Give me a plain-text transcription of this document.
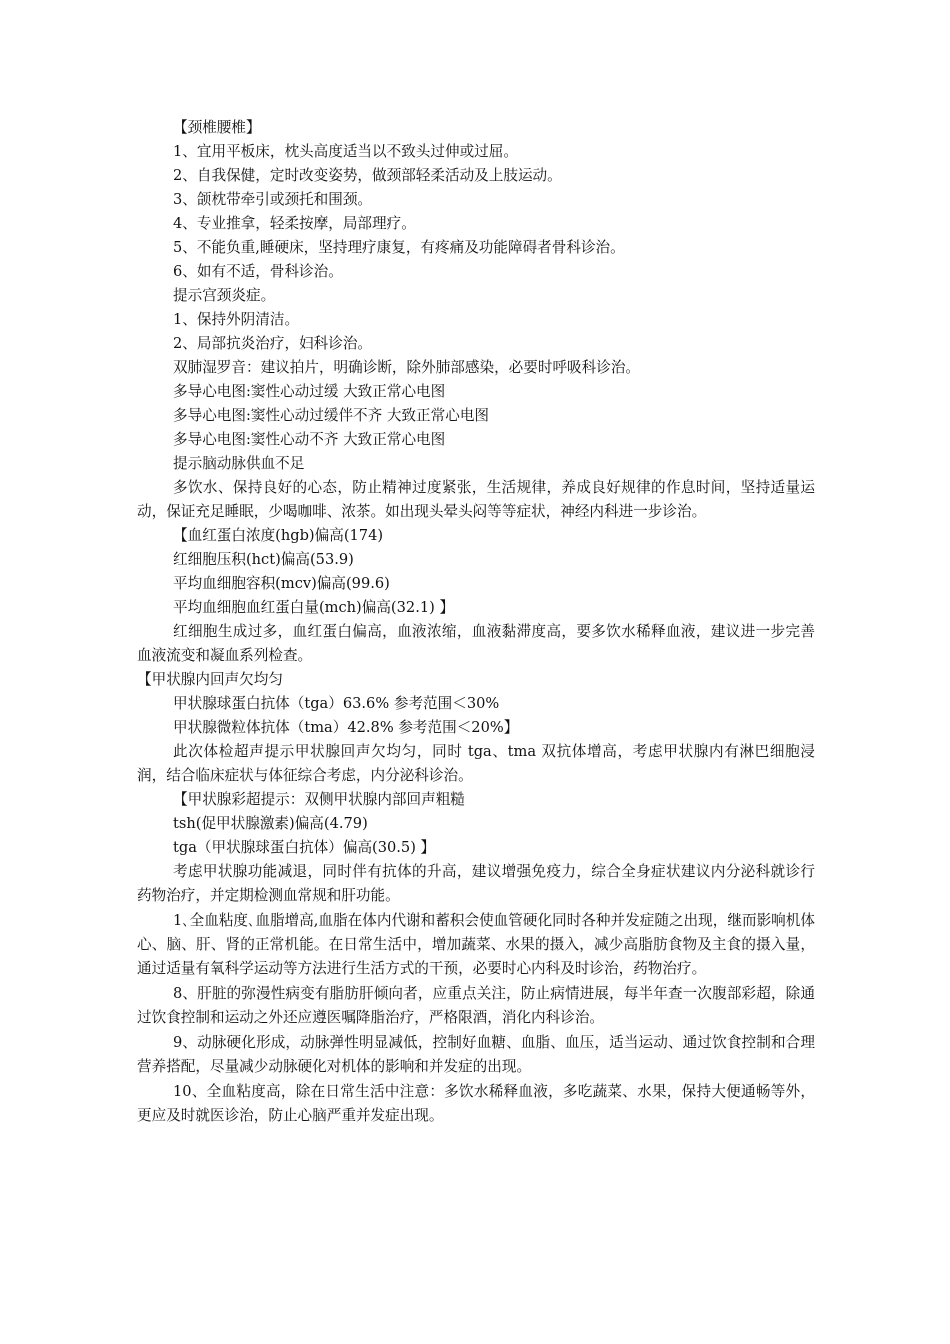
【颈椎腰椎】

1、宜用平板床，枕头高度适当以不致头过伸或过屈。

2、自我保健，定时改变姿势，做颈部轻柔活动及上肢运动。

3、颌枕带牵引或颈托和围颈。

4、专业推拿，轻柔按摩，局部理疗。

5、不能负重,睡硬床，坚持理疗康复，有疼痛及功能障碍者骨科诊治。

6、如有不适，骨科诊治。

提示宫颈炎症。

1、保持外阴清洁。

2、局部抗炎治疗，妇科诊治。

双肺湿罗音：建议拍片，明确诊断，除外肺部感染，必要时呼吸科诊治。

多导心电图:窦性心动过缓 大致正常心电图

多导心电图:窦性心动过缓伴不齐 大致正常心电图

多导心电图:窦性心动不齐 大致正常心电图

提示脑动脉供血不足

多饮水、保持良好的心态，防止精神过度紧张，生活规律，养成良好规律的作息时间，坚持适量运动，保证充足睡眠，少喝咖啡、浓茶。如出现头晕头闷等等症状，神经内科进一步诊治。

【血红蛋白浓度(hgb)偏高(174)

红细胞压积(hct)偏高(53.9)

平均血细胞容积(mcv)偏高(99.6)

平均血细胞血红蛋白量(mch)偏高(32.1) 】

红细胞生成过多，血红蛋白偏高，血液浓缩，血液黏滞度高，要多饮水稀释血液，建议进一步完善血液流变和凝血系列检查。

【甲状腺内回声欠均匀

甲状腺球蛋白抗体（tga）63.6% 参考范围＜30%

甲状腺微粒体抗体（tma）42.8% 参考范围＜20%】

此次体检超声提示甲状腺回声欠均匀，同时 tga、tma 双抗体增高，考虑甲状腺内有淋巴细胞浸润，结合临床症状与体征综合考虑，内分泌科诊治。

【甲状腺彩超提示：双侧甲状腺内部回声粗糙

tsh(促甲状腺激素)偏高(4.79)

tga（甲状腺球蛋白抗体）偏高(30.5) 】

考虑甲状腺功能减退，同时伴有抗体的升高，建议增强免疫力，综合全身症状建议内分泌科就诊行药物治疗，并定期检测血常规和肝功能。

1､全血粘度､血脂增高,血脂在体内代谢和蓄积会使血管硬化同时各种并发症随之出现，继而影响机体心、脑、肝、肾的正常机能。在日常生活中，增加蔬菜、水果的摄入，减少高脂肪食物及主食的摄入量，通过适量有氧科学运动等方法进行生活方式的干预，必要时心内科及时诊治，药物治疗。

8、肝脏的弥漫性病变有脂肪肝倾向者，应重点关注，防止病情进展，每半年查一次腹部彩超，除通过饮食控制和运动之外还应遵医嘱降脂治疗，严格限酒，消化内科诊治。

9、动脉硬化形成，动脉弹性明显减低，控制好血糖、血脂、血压，适当运动、通过饮食控制和合理营养搭配，尽量减少动脉硬化对机体的影响和并发症的出现。

10、全血粘度高，除在日常生活中注意：多饮水稀释血液，多吃蔬菜、水果，保持大便通畅等外，更应及时就医诊治，防止心脑严重并发症出现。
